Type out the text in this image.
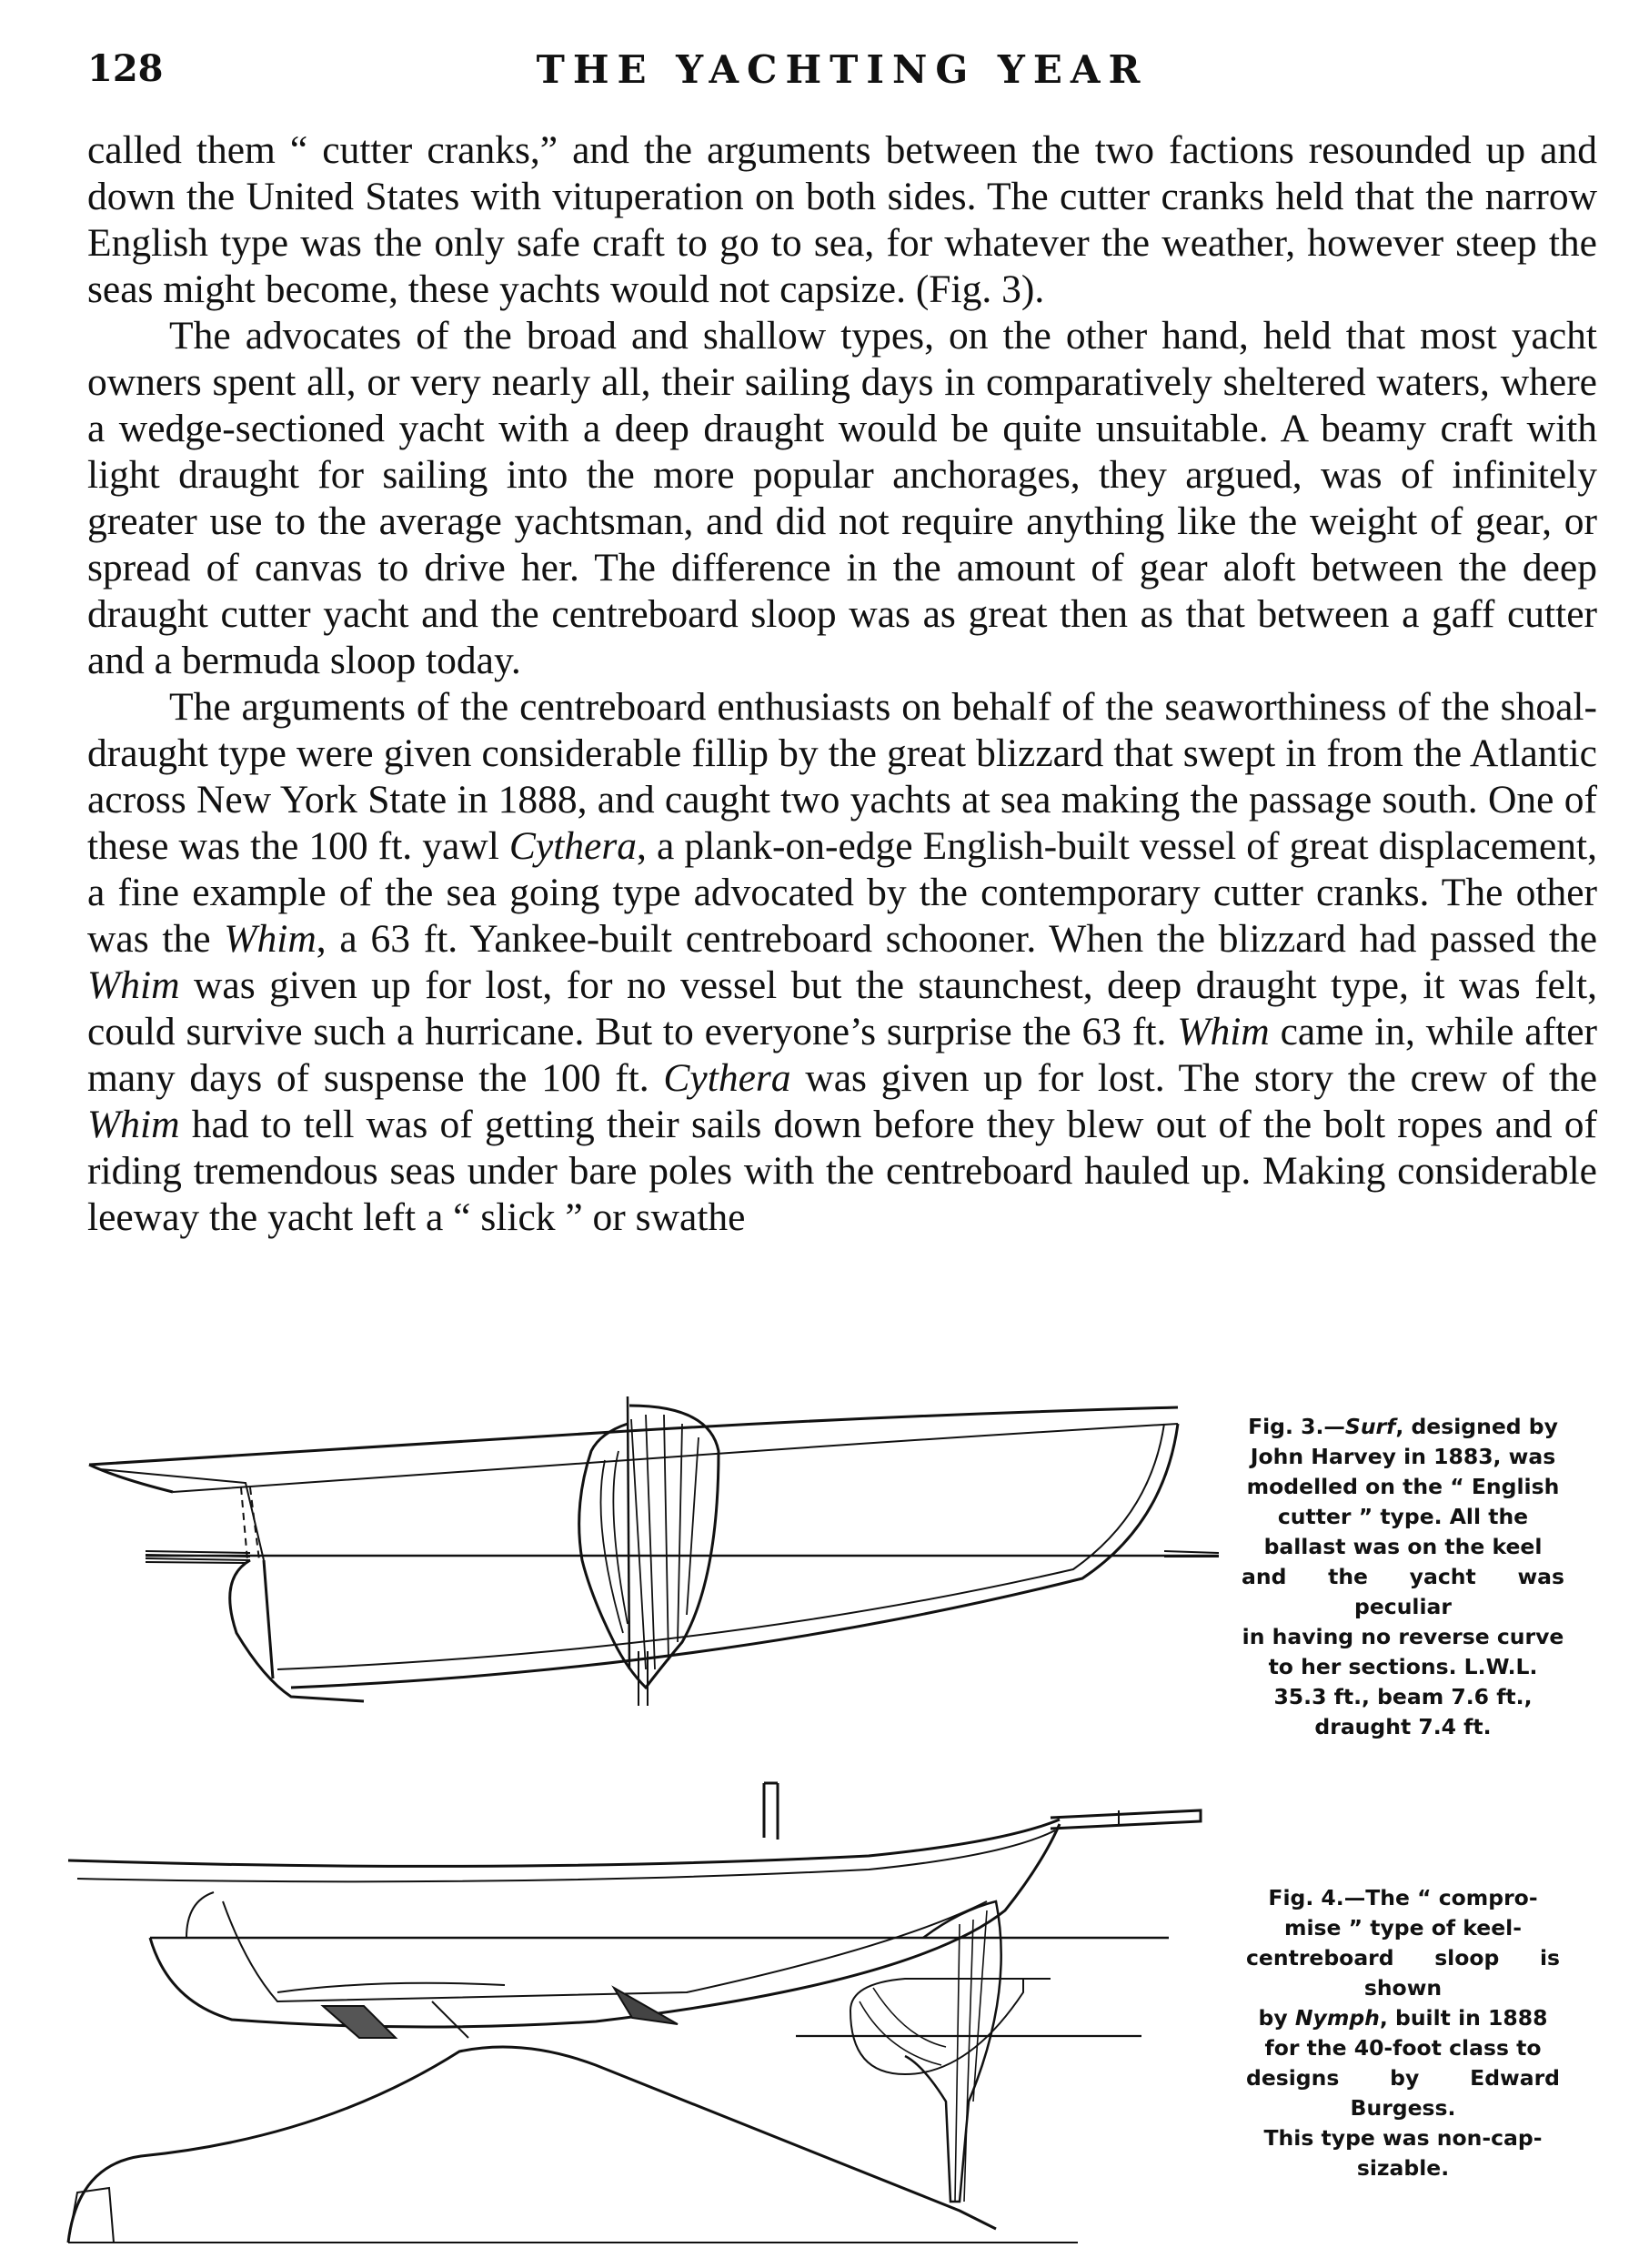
128	THE YACHTING YEAR

called them “ cutter cranks,” and the arguments between the two factions resounded up and down the United States with vituperation on both sides. The cutter cranks held that the narrow English type was the only safe craft to go to sea, for whatever the weather, however steep the seas might become, these yachts would not capsize. (Fig. 3).

The advocates of the broad and shallow types, on the other hand, held that most yacht owners spent all, or very nearly all, their sailing days in comparatively sheltered waters, where a wedge-sectioned yacht with a deep draught would be quite unsuitable. A beamy craft with light draught for sailing into the more popular anchorages, they argued, was of infinitely greater use to the average yachtsman, and did not require anything like the weight of gear, or spread of canvas to drive her. The difference in the amount of gear aloft between the deep draught cutter yacht and the centreboard sloop was as great then as that between a gaff cutter and a bermuda sloop today.

The arguments of the centreboard enthusiasts on behalf of the seaworthiness of the shoal-draught type were given considerable fillip by the great blizzard that swept in from the Atlantic across New York State in 1888, and caught two yachts at sea making the passage south. One of these was the 100 ft. yawl Cythera, a plank-on-edge English-built vessel of great displacement, a fine example of the sea going type advocated by the contemporary cutter cranks. The other was the Whim, a 63 ft. Yankee-built centreboard schooner. When the blizzard had passed the Whim was given up for lost, for no vessel but the staunchest, deep draught type, it was felt, could survive such a hurricane. But to everyone’s surprise the 63 ft. Whim came in, while after many days of suspense the 100 ft. Cythera was given up for lost. The story the crew of the Whim had to tell was of getting their sails down before they blew out of the bolt ropes and of riding tremendous seas under bare poles with the centreboard hauled up. Making considerable leeway the yacht left a “ slick ” or swathe

Fig. 3.—Surf, designed by
John Harvey in 1883, was
modelled on the “ English
cutter ” type. All the
ballast was on the keel
and the yacht was peculiar
in having no reverse curve
to her sections. L.W.L.
35.3 ft., beam 7.6 ft.,
draught 7.4 ft.
Fig. 4.—The “ compro-
mise ” type of keel-
centreboard sloop is shown
by Nymph, built in 1888
for the 40-foot class to
designs by Edward Burgess.
This type was non-cap-
sizable.
